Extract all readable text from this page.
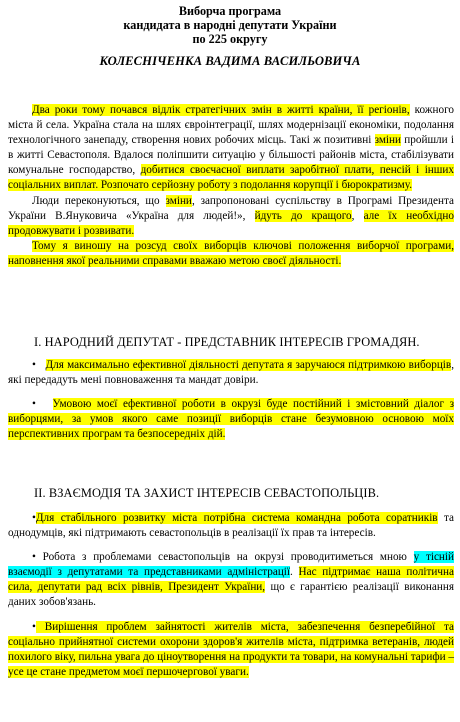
Виборча програма
кандидата в народні депутати України
по 225 округу
КОЛЕСНІЧЕНКА ВАДИМА ВАСИЛЬОВИЧА

Два роки тому почався відлік стратегічних змін в житті країни, її регіонів, кожного міста й села. Україна стала на шлях євроінтеграції, шлях модернізації економіки, подолання технологічного занепаду, створення нових робочих місць. Такі ж позитивні зміни пройшли і в житті Севастополя. Вдалося поліпшити ситуацію у більшості районів міста, стабілізувати комунальне господарство, добитися своєчасної виплати заробітної плати, пенсій і інших соціальних виплат. Розпочато серйозну роботу з подолання корупції і бюрократизму.

Люди переконуються, що зміни, запропоновані суспільству в Програмі Президента України В.Януковича «Україна для людей!», йдуть до кращого, але їх необхідно продовжувати і розвивати.

Тому я виношу на розсуд своїх виборців ключові положення виборчої програми, наповнення якої реальними справами вважаю метою своєї діяльності.

І. НАРОДНИЙ ДЕПУТАТ - ПРЕДСТАВНИК ІНТЕРЕСІВ ГРОМАДЯН.

• Для максимально ефективної діяльності депутата я заручаюся підтримкою виборців, які передадуть мені повноваження та мандат довіри.

• Умовою моєї ефективної роботи в окрузі буде постійний і змістовний діалог з виборцями, за умов якого саме позиції виборців стане безумовною основою моїх перспективних програм та безпосередніх дій.

ІІ. ВЗАЄМОДІЯ ТА ЗАХИСТ ІНТЕРЕСІВ СЕВАСТОПОЛЬЦІВ.

•Для стабільного розвитку міста потрібна система командна робота соратників та однодумців, які підтримають севастопольців в реалізації їх прав та інтересів.

• Робота з проблемами севастопольців на окрузі проводитиметься мною у тісній взаємодії з депутатами та представниками адміністрації. Нас підтримає наша політична сила, депутати рад всіх рівнів, Президент України, що є гарантією реалізації виконання даних зобов'язань.

• Вирішення проблем зайнятості жителів міста, забезпечення безперебійної та соціально прийнятної системи охорони здоров'я жителів міста, підтримка ветеранів, людей похилого віку, пильна увага до ціноутворення на продукти та товари, на комунальні тарифи – усе це стане предметом моєї першочергової уваги.
